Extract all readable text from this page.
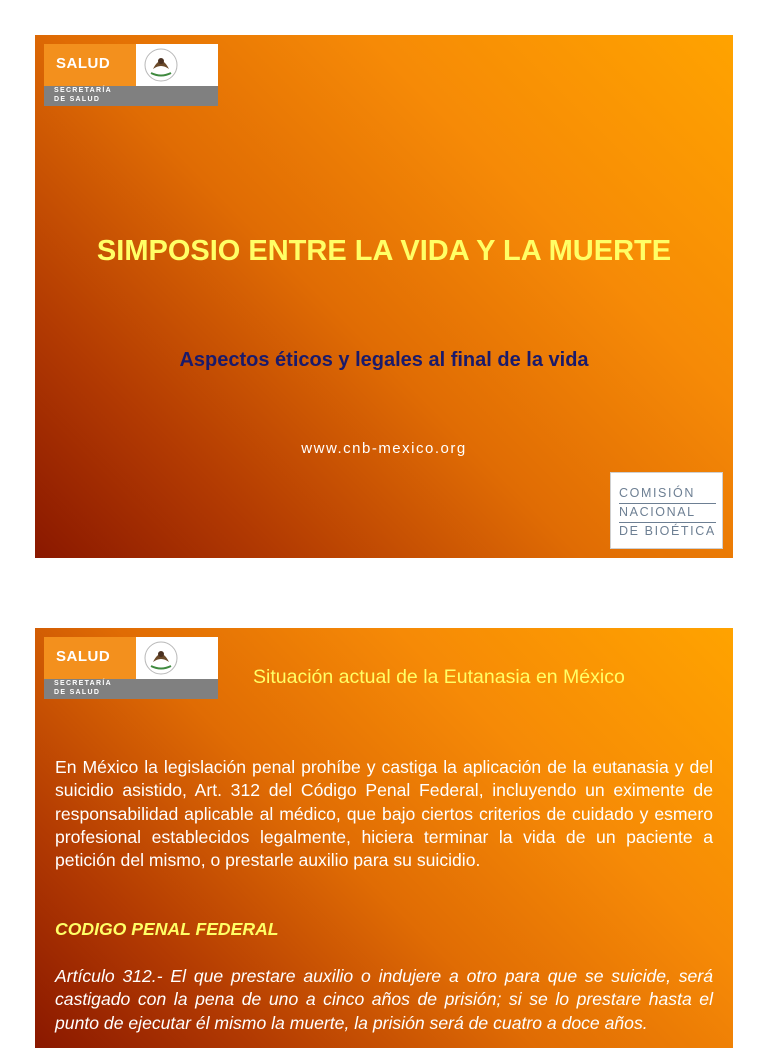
SALUD
SECRETARÍA
DE SALUD
SIMPOSIO ENTRE LA VIDA Y LA MUERTE
Aspectos éticos y legales al final de la vida
www.cnb-mexico.org
COMISIÓN
NACIONAL
DE BIOÉTICA
SALUD
SECRETARÍA
DE SALUD
Situación actual de la Eutanasia en México

En México la legislación penal prohíbe y castiga la aplicación de la eutanasia y del suicidio asistido, Art. 312 del Código Penal Federal, incluyendo un eximente de responsabilidad aplicable al médico, que bajo ciertos criterios de cuidado y esmero profesional establecidos legalmente, hiciera terminar la vida de un paciente a petición del mismo, o prestarle auxilio para su suicidio.

CODIGO PENAL FEDERAL

Artículo 312.- El que prestare auxilio o indujere a otro para que se suicide, será castigado con la pena de uno a cinco años de prisión; si se lo prestare hasta el punto de ejecutar él mismo la muerte, la prisión será de cuatro a doce años.
